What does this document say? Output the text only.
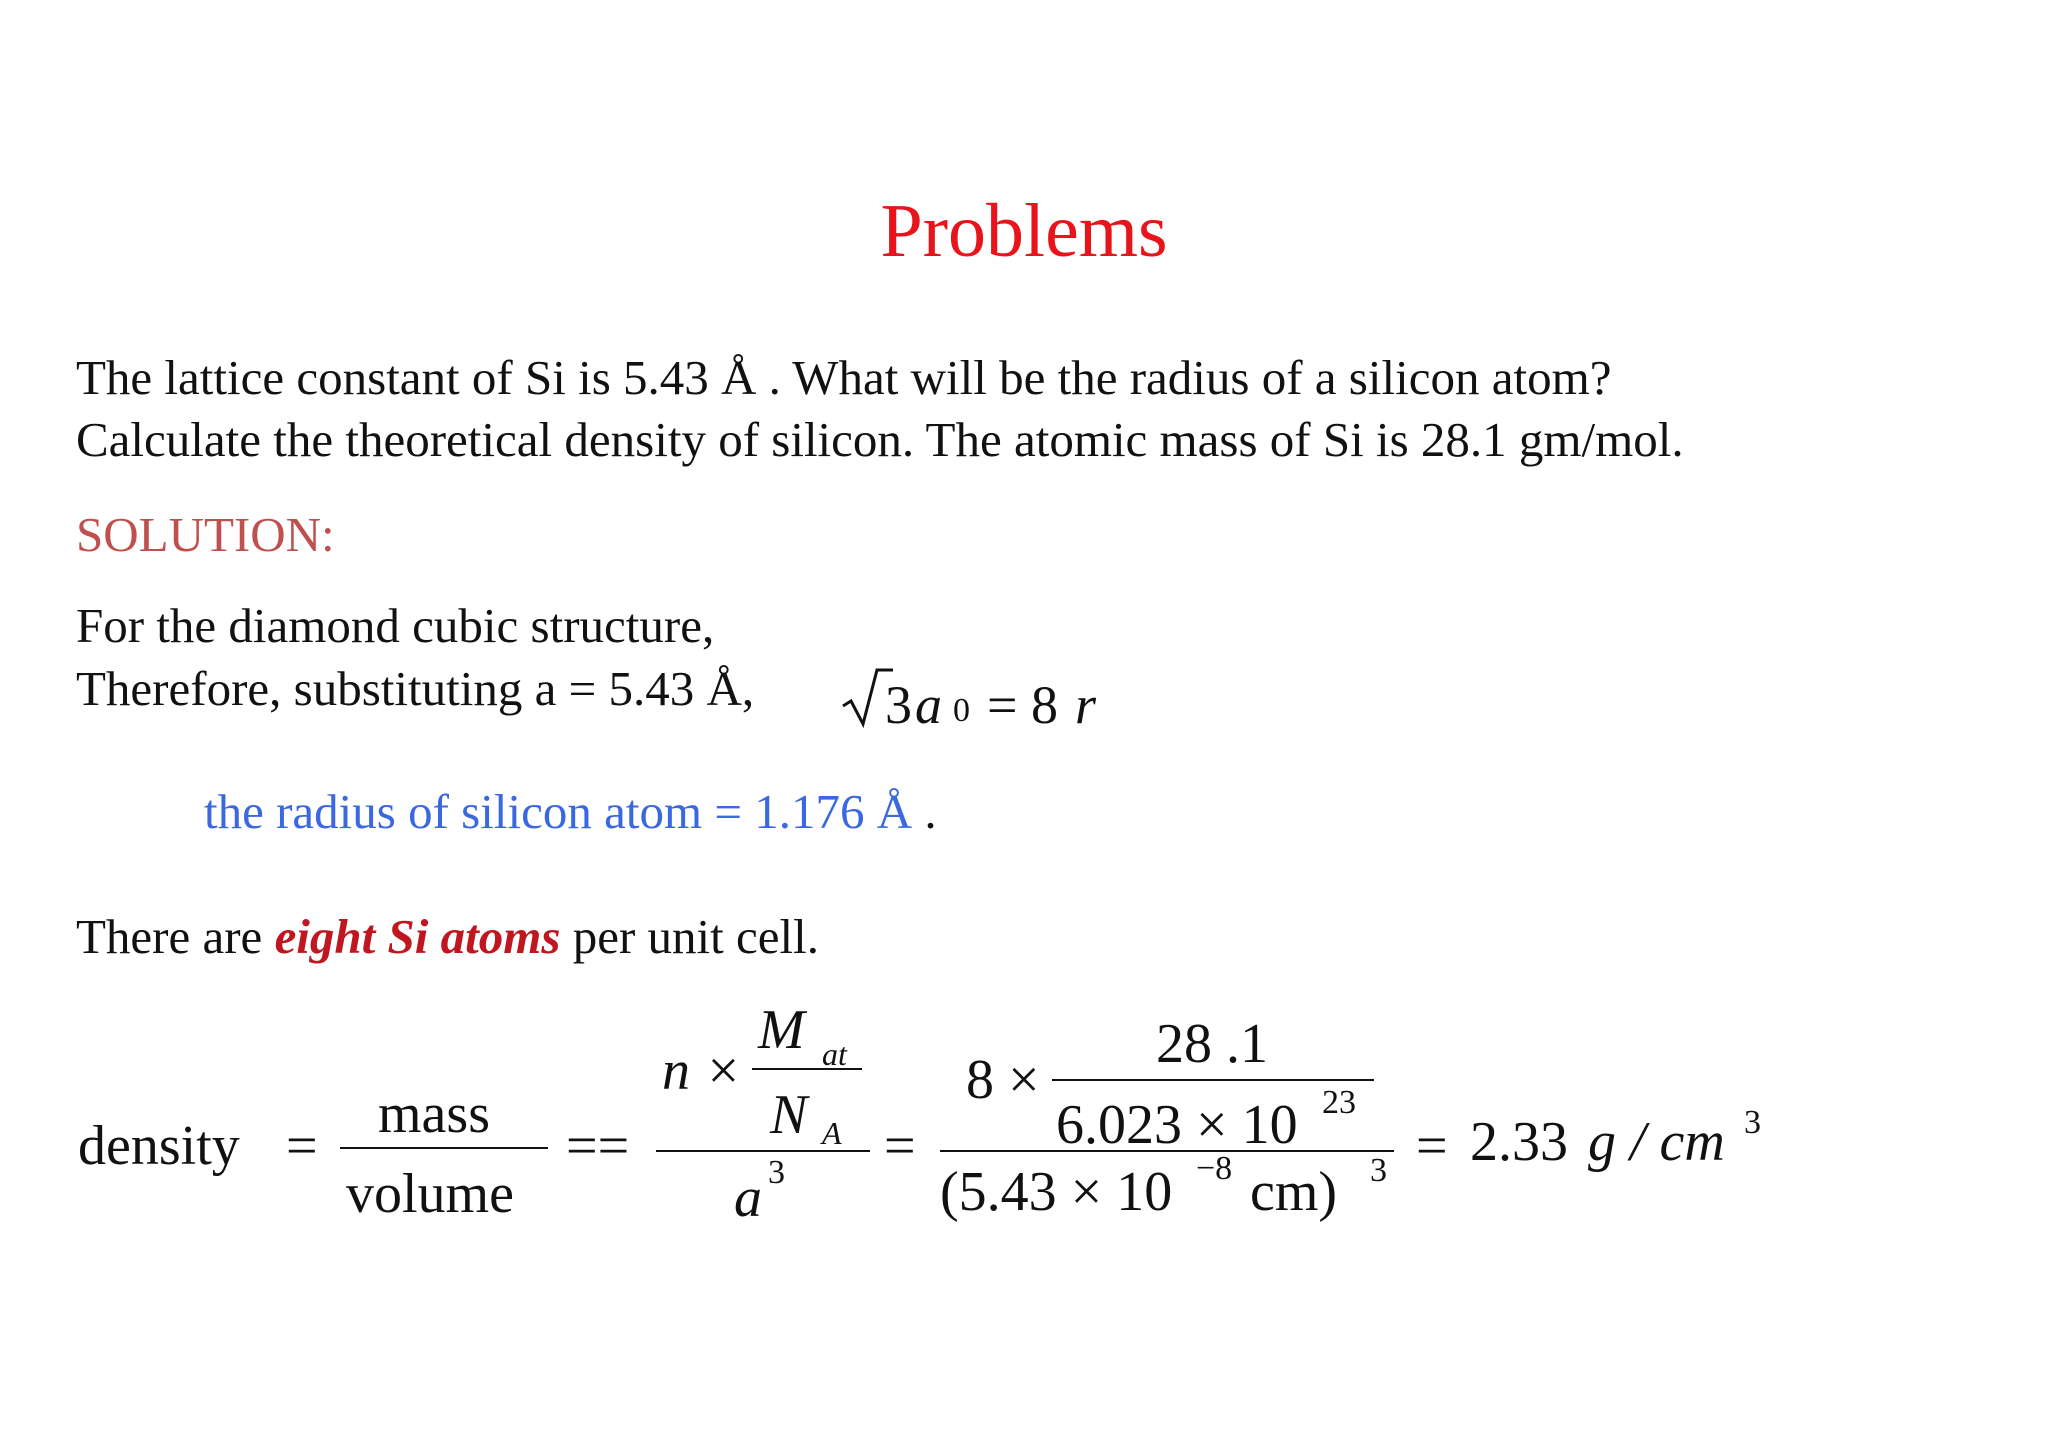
Problems
The lattice constant of Si is 5.43 Å . What will be the radius of a silicon atom?
Calculate the theoretical density of silicon. The atomic mass of Si is 28.1 gm/mol.
SOLUTION:
For the diamond cubic structure,
Therefore, substituting a = 5.43 Å, 3 a 0 = 8 r
the radius of silicon atom = 1.176 Å .
There are eight Si atoms per unit cell.
density =
mass
volume
==
n ×
M at
N A
a 3 =
8 ×
28 .1
6.023 × 10 23
(5.43 × 10 −8 cm) 3 = 2.33 g / cm 3
